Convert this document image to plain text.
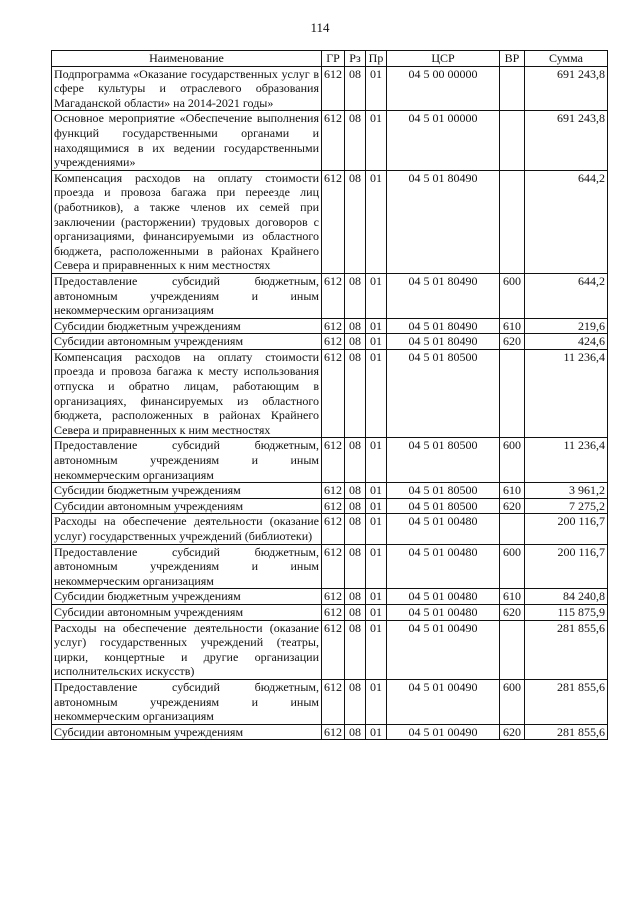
114
Наименование	ГР	Рз	Пр	ЦСР	ВР	Сумма
Подпрограмма «Оказание государственных услуг в сфере культуры и отраслевого образования Магаданской области» на 2014-2021 годы»	612	08	01	04 5 00 00000		691 243,8
Основное мероприятие «Обеспечение выполнения функций государственными органами и находящимися в их ведении государственными учреждениями»	612	08	01	04 5 01 00000		691 243,8
Компенсация расходов на оплату стоимости проезда и провоза багажа при переезде лиц (работников), а также членов их семей при заключении (расторжении) трудовых договоров с организациями, финансируемыми из областного бюджета, расположенными в районах Крайнего Севера и приравненных к ним местностях	612	08	01	04 5 01 80490		644,2
Предоставление субсидий бюджетным, автономным учреждениям и иным некоммерческим организациям	612	08	01	04 5 01 80490	600	644,2
Субсидии бюджетным учреждениям	612	08	01	04 5 01 80490	610	219,6
Субсидии автономным учреждениям	612	08	01	04 5 01 80490	620	424,6
Компенсация расходов на оплату стоимости проезда и провоза багажа к месту использования отпуска и обратно лицам, работающим в организациях, финансируемых из областного бюджета, расположенных в районах Крайнего Севера и приравненных к ним местностях	612	08	01	04 5 01 80500		11 236,4
Предоставление субсидий бюджетным, автономным учреждениям и иным некоммерческим организациям	612	08	01	04 5 01 80500	600	11 236,4
Субсидии бюджетным учреждениям	612	08	01	04 5 01 80500	610	3 961,2
Субсидии автономным учреждениям	612	08	01	04 5 01 80500	620	7 275,2
Расходы на обеспечение деятельности (оказание услуг) государственных учреждений (библиотеки)	612	08	01	04 5 01 00480		200 116,7
Предоставление субсидий бюджетным, автономным учреждениям и иным некоммерческим организациям	612	08	01	04 5 01 00480	600	200 116,7
Субсидии бюджетным учреждениям	612	08	01	04 5 01 00480	610	84 240,8
Субсидии автономным учреждениям	612	08	01	04 5 01 00480	620	115 875,9
Расходы на обеспечение деятельности (оказание услуг) государственных учреждений (театры, цирки, концертные и другие организации исполнительских искусств)	612	08	01	04 5 01 00490		281 855,6
Предоставление субсидий бюджетным, автономным учреждениям и иным некоммерческим организациям	612	08	01	04 5 01 00490	600	281 855,6
Субсидии автономным учреждениям	612	08	01	04 5 01 00490	620	281 855,6
